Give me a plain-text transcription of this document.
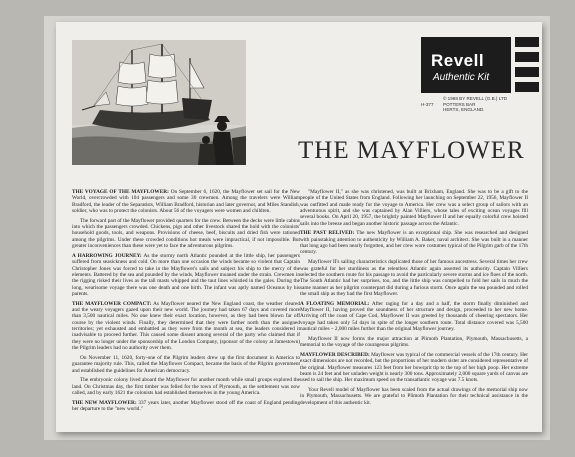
Revell
Authentic Kit
H-377
© 1968 BY REVELL (G.B.) LTD
POTTERS BAR
HERTS, ENGLAND.
THE MAYFLOWER

THE VOYAGE OF THE MAYFLOWER: On September 6, 1620, the Mayflower set sail for the New World, overcrowded with 104 passengers and some 30 crewmen. Among the travelers were William Bradford, the leader of the Separatists, William Bradford, historian and later governor, and Miles Standish, soldier, who was to protect the colonists. About 56 of the voyagers were women and children.

The forward part of the Mayflower provided quarters for the crew. Between the decks were little cabins into which the passengers crowded. Chickens, pigs and other livestock shared the hold with the colonists' household goods, tools, and weapons. Provisions of cheese, beef, biscuits and dried fish were rationed among the pilgrims. Under these crowded conditions hot meals were impractical, if not impossible. But greater inconveniences than these were yet to face the adventurous pilgrims.

A HARROWING JOURNEY: As the stormy north Atlantic pounded at the little ship, her passengers suffered from seasickness and cold. On more than one occasion the winds became so violent that Captain Christopher Jones was forced to take in the Mayflower's sails and subject his ship to the mercy of the elements. Battered by the sea and pounded by the winds, Mayflower moaned under the strain. Crewmen in the rigging risked their lives as the tall masts whipped and the taut lines whistled in the gales. During the long, wearisome voyage there was one death and one birth. The infant was aptly named Oceanus by his parents.

THE MAYFLOWER COMPACT: As Mayflower neared the New England coast, the weather cleared and the weary voyagers gazed upon their new world. The journey had taken 67 days and covered more than 3,500 nautical miles. No one knew their exact location, however, as they had been blown far off course by the violent winds. Finally, they determined that they were farther north than the assigned territories; yet exhausted and embattled as they were from the month at sea, the leaders considered it inadvisable to proceed further. This caused some dissent among several of the party who claimed that if they were no longer under the sponsorship of the London Company, (sponsor of the colony at Jamestown) the Pilgrim leaders had no authority over them.

On November 11, 1620, forty-one of the Pilgrim leaders drew up the first document in America to guarantee majority rule. This, called the Mayflower Compact, became the basis of the Pilgrim government and established the guidelines for American democracy.

The embryonic colony lived aboard the Mayflower for another month while small groups explored the land. On Christmas day, the first timber was felled for the town of Plymouth, as the settlement was now called, and by early 1621 the colonists had established themselves in the young America.

THE NEW MAYFLOWER: 337 years later, another Mayflower stood off the coast of England pending her departure to the "new world."

"Mayflower II," as she was christened, was built at Brixham, England. She was to be a gift to the people of the United States from England. Following her launching on September 22, 1956, Mayflower II was outfitted and made ready for the voyage to America. Her crew was a select group of sailors with an adventurous spirit, and she was captained by Alan Villiers, whose tales of exciting ocean voyages fill several books. On April 20, 1957, the brightly painted Mayflower II and her equally colorful crew hoisted sails into the breeze and began another historic passage across the Atlantic.

THE PAST RELIVED: The new Mayflower is an exceptional ship. She was researched and designed with painstaking attention to authenticity by William A. Baker, naval architect. She was built in a manner that long ago had been nearly forgotten, and her crew wore costumes typical of the Pilgrim garb of the 17th century.

Mayflower II's sailing characteristics duplicated those of her famous ancestress. Several times her crew was grateful for her sturdiness as the relentless Atlantic again asserted its authority. Captain Villiers selected the southern route for his passage to avoid the particularly severe storms and ice floes of the north. The South Atlantic had her surprises, too, and the little ship was compelled to fold her sails in much the same manner as her pilgrim counterpart did during a furious storm. Once again the sea pounded and rolled the small ship as they had the first Mayflower.

A FLOATING MEMORIAL: After raging for a day and a half, the storm finally diminished and Mayflower II, having proved the soundness of her structure and design, proceeded to her new home. Arriving off the coast of Cape Cod, Mayflower II was greeted by thousands of cheering spectators. Her voyage had taken only 54 days in spite of the longer southern route. Total distance covered was 5,500 nautical miles – 2,000 miles further than the original Mayflower journey.

Mayflower II now forms the major attraction at Plimoth Plantation, Plymouth, Massachusetts, a memorial to the voyage of the courageous pilgrims.

MAYFLOWER DESCRIBED: Mayflower was typical of the commercial vessels of the 17th century. Her exact dimensions are not recorded, but the proportions of her modern sister are considered representative of the original. Mayflower measures 123 feet from her bowsprit tip to the top of her high poop. Her extreme beam is 24 feet and her unladen weight is nearly 300 tons. Approximately 2,000 square yards of canvas are used to sail the ship. Her maximum speed on the transatlantic voyage was 7.5 knots.

Your Revell model of Mayflower has been scaled from the actual drawings of the memorial ship now in Plymouth, Massachusetts. We are grateful to Plimoth Plantation for their technical assistance in the development of this authentic kit.
